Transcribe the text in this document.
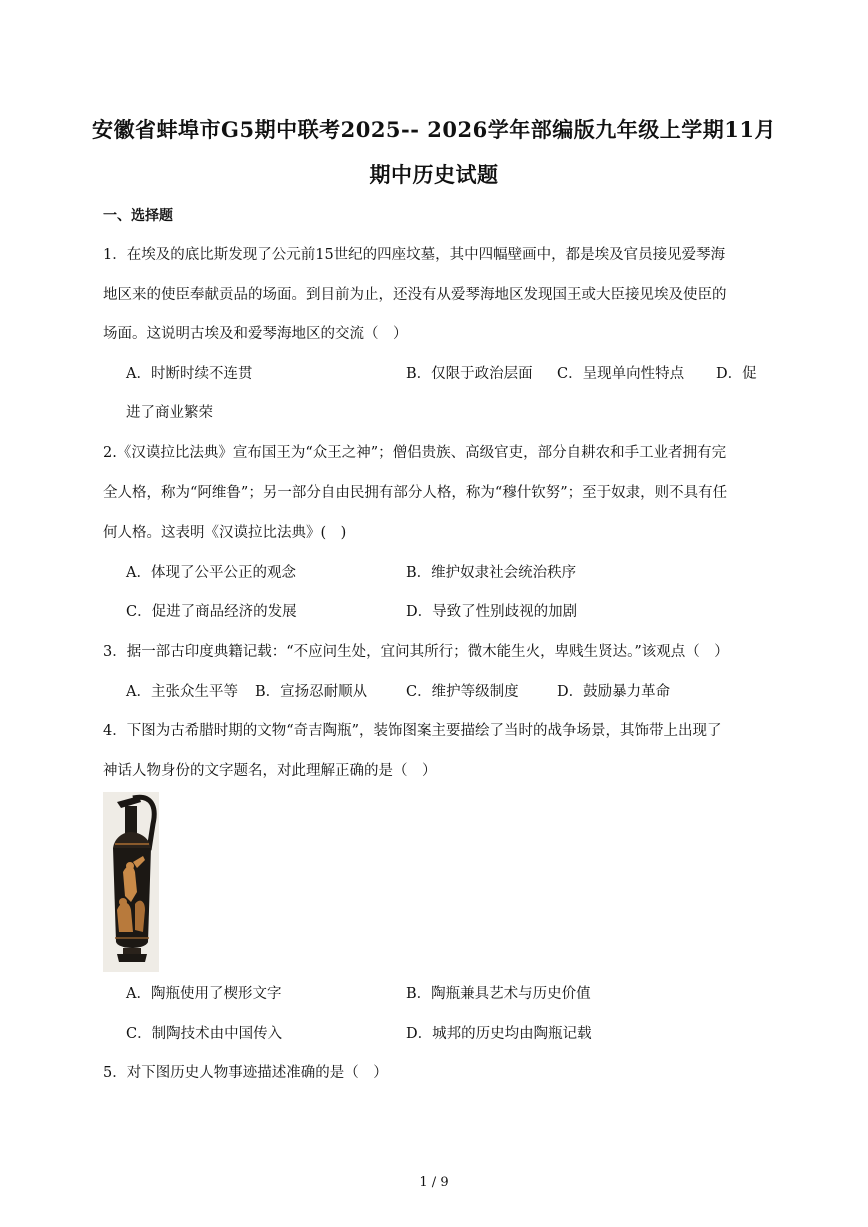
安徽省蚌埠市G5期中联考2025-- 2026学年部编版九年级上学期11月
期中历史试题
一、选择题
1．在埃及的底比斯发现了公元前15世纪的四座坟墓，其中四幅壁画中，都是埃及官员接见爱琴海
地区来的使臣奉献贡品的场面。到目前为止，还没有从爱琴海地区发现国王或大臣接见埃及使臣的
场面。这说明古埃及和爱琴海地区的交流（　）
A．时断时续不连贯	B．仅限于政治层面 C．呈现单向性特点 D．促
进了商业繁荣
2.《汉谟拉比法典》宣布国王为“众王之神”；僧侣贵族、高级官吏，部分自耕农和手工业者拥有完
全人格，称为“阿维鲁”；另一部分自由民拥有部分人格，称为“穆什钦努”；至于奴隶，则不具有任
何人格。这表明《汉谟拉比法典》(　)
A．体现了公平公正的观念	B．维护奴隶社会统治秩序
C．促进了商品经济的发展	D．导致了性别歧视的加剧
3．据一部古印度典籍记载：“不应问生处，宜问其所行；微木能生火，卑贱生贤达。”该观点（　）
A．主张众生平等 B．宣扬忍耐顺从	C．维护等级制度	D．鼓励暴力革命
4．下图为古希腊时期的文物“奇吉陶瓶”，装饰图案主要描绘了当时的战争场景，其饰带上出现了
神话人物身份的文字题名，对此理解正确的是（　）
A．陶瓶使用了楔形文字	B．陶瓶兼具艺术与历史价值
C．制陶技术由中国传入	D．城邦的历史均由陶瓶记载
5．对下图历史人物事迹描述准确的是（　）
1 / 9
